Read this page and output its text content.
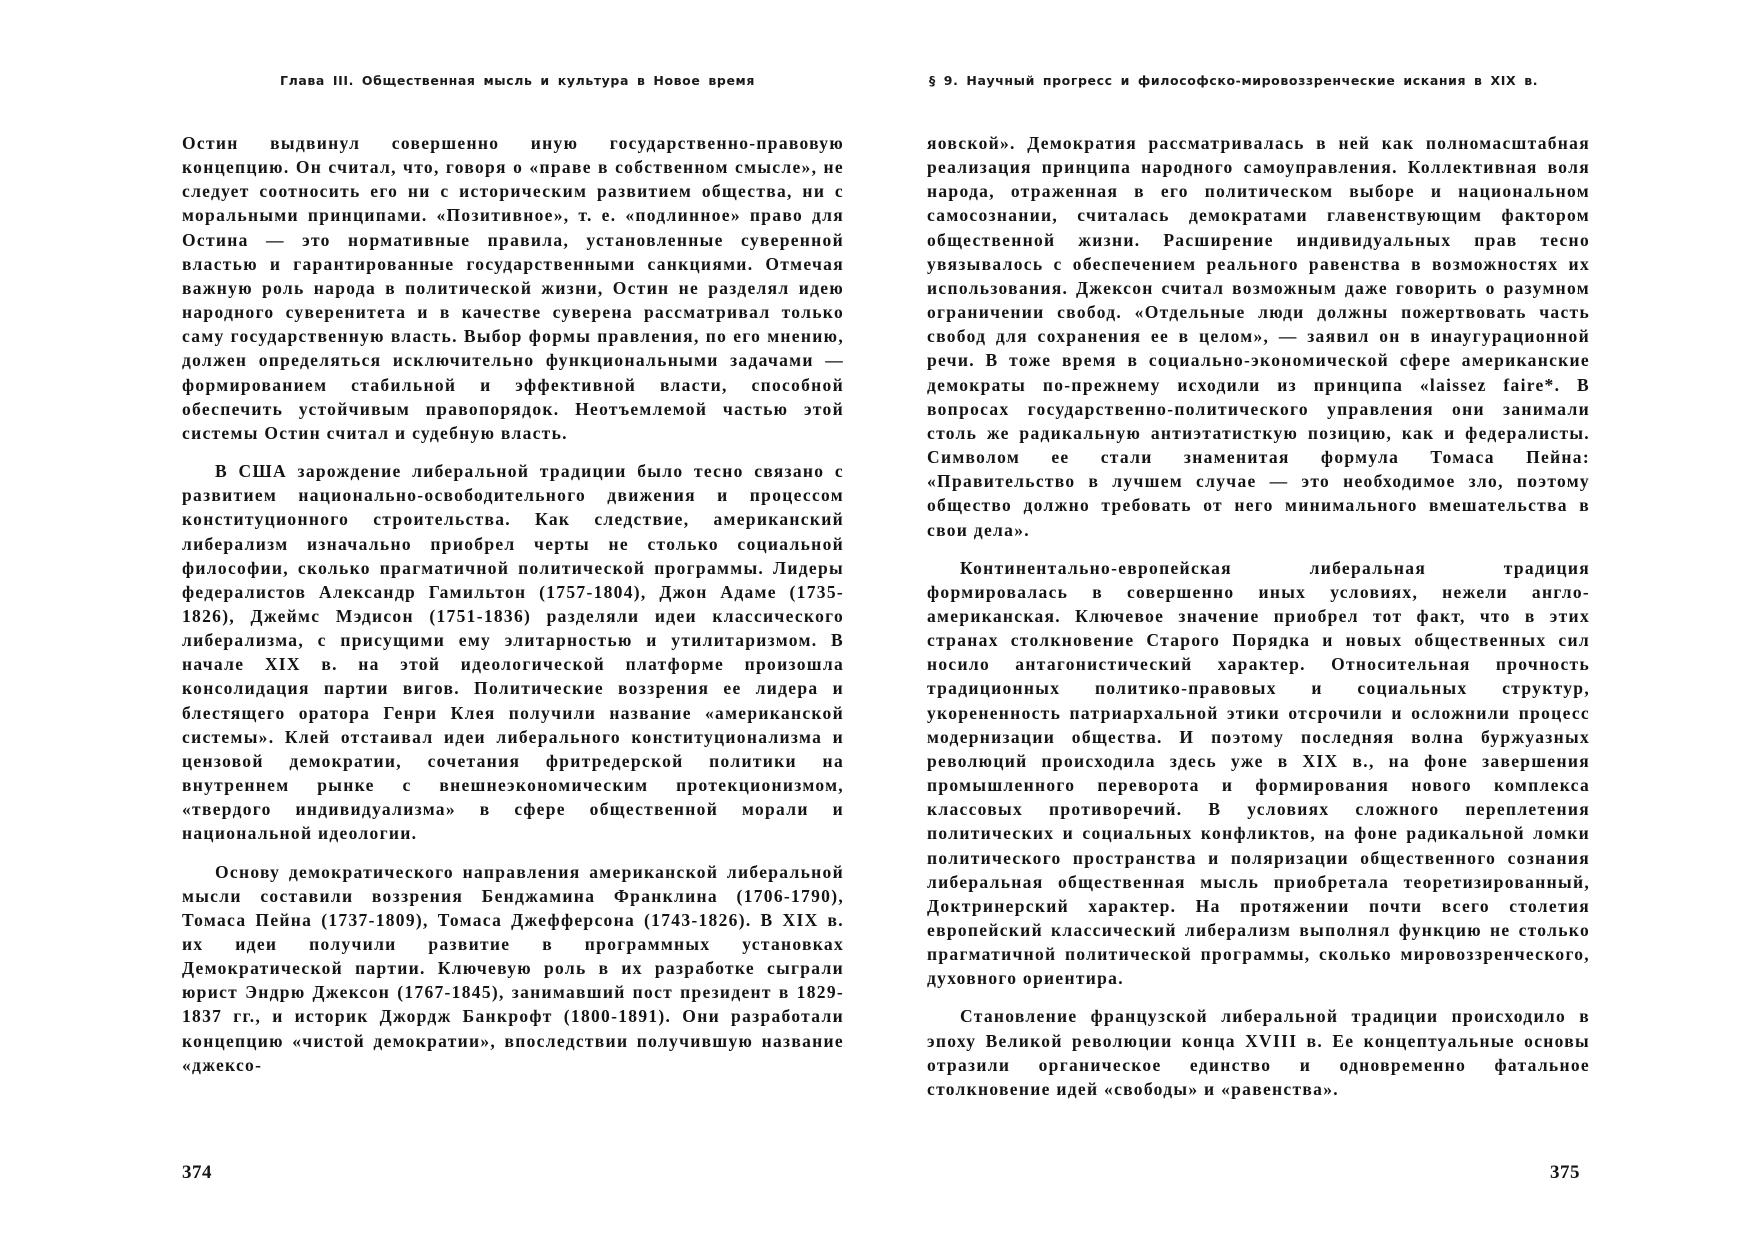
Глава III. Общественная мысль и культура в Новое время

Остин выдвинул совершенно иную государственно-правовую концепцию. Он считал, что, говоря о «праве в собственном смысле», не следует соотносить его ни с историческим развитием общества, ни с моральными принципами. «Позитивное», т. е. «подлинное» право для Остина — это нормативные правила, установленные суверенной властью и гарантированные государственными санкциями. Отмечая важную роль народа в политической жизни, Остин не разделял идею народного суверенитета и в качестве суверена рассматривал только саму государственную власть. Выбор формы правления, по его мнению, должен определяться исключительно функциональными задачами — формированием стабильной и эффективной власти, способной обеспечить устойчивым правопорядок. Неотъемлемой частью этой системы Остин считал и судебную власть.

В США зарождение либеральной традиции было тесно связано с развитием национально-освободительного движения и процессом конституционного строительства. Как следствие, американский либерализм изначально приобрел черты не столько социальной философии, сколько прагматичной политической программы. Лидеры федералистов Александр Гамильтон (1757-1804), Джон Адаме (1735-1826), Джеймс Мэдисон (1751-1836) разделяли идеи классического либерализма, с присущими ему элитарностью и утилитаризмом. В начале XIX в. на этой идеологической платформе произошла консолидация партии вигов. Политические воззрения ее лидера и блестящего оратора Генри Клея получили название «американской системы». Клей отстаивал идеи либерального конституционализма и цензовой демократии, сочетания фритредерской политики на внутреннем рынке с внешнеэкономическим протекционизмом, «твердого индивидуализма» в сфере общественной морали и национальной идеологии.

Основу демократического направления американской либеральной мысли составили воззрения Бенджамина Франклина (1706-1790), Томаса Пейна (1737-1809), Томаса Джефферсона (1743-1826). В XIX в. их идеи получили развитие в программных установках Демократической партии. Ключевую роль в их разработке сыграли юрист Эндрю Джексон (1767-1845), занимавший пост президент в 1829-1837 гг., и историк Джордж Банкрофт (1800-1891). Они разработали концепцию «чистой демократии», впоследствии получившую название «джексо-

374
§ 9. Научный прогресс и философско-мировоззренческие искания в XIX в.

яовской». Демократия рассматривалась в ней как полномасштабная реализация принципа народного самоуправления. Коллективная воля народа, отраженная в его политическом выборе и национальном самосознании, считалась демократами главенствующим фактором общественной жизни. Расширение индивидуальных прав тесно увязывалось с обеспечением реального равенства в возможностях их использования. Джексон считал возможным даже говорить о разумном ограничении свобод. «Отдельные люди должны пожертвовать часть свобод для сохранения ее в целом», — заявил он в инаугурационной речи. В тоже время в социально-экономической сфере американские демократы по-прежнему исходили из принципа «laissez faire*. В вопросах государственно-политического управления они занимали столь же радикальную антиэтатисткую позицию, как и федералисты. Символом ее стали знаменитая формула Томаса Пейна: «Правительство в лучшем случае — это необходимое зло, поэтому общество должно требовать от него минимального вмешательства в свои дела».

Континентально-европейская либеральная традиция формировалась в совершенно иных условиях, нежели англо-американская. Ключевое значение приобрел тот факт, что в этих странах столкновение Старого Порядка и новых общественных сил носило антагонистический характер. Относительная прочность традиционных политико-правовых и социальных структур, укорененность патриархальной этики отсрочили и осложнили процесс модернизации общества. И поэтому последняя волна буржуазных революций происходила здесь уже в XIX в., на фоне завершения промышленного переворота и формирования нового комплекса классовых противоречий. В условиях сложного переплетения политических и социальных конфликтов, на фоне радикальной ломки политического пространства и поляризации общественного сознания либеральная общественная мысль приобретала теоретизированный, Доктринерский характер. На протяжении почти всего столетия европейский классический либерализм выполнял функцию не столько прагматичной политической программы, сколько мировоззренческого, духовного ориентира.

Становление французской либеральной традиции происходило в эпоху Великой революции конца XVIII в. Ее концептуальные основы отразили органическое единство и одновременно фатальное столкновение идей «свободы» и «равенства».

375
